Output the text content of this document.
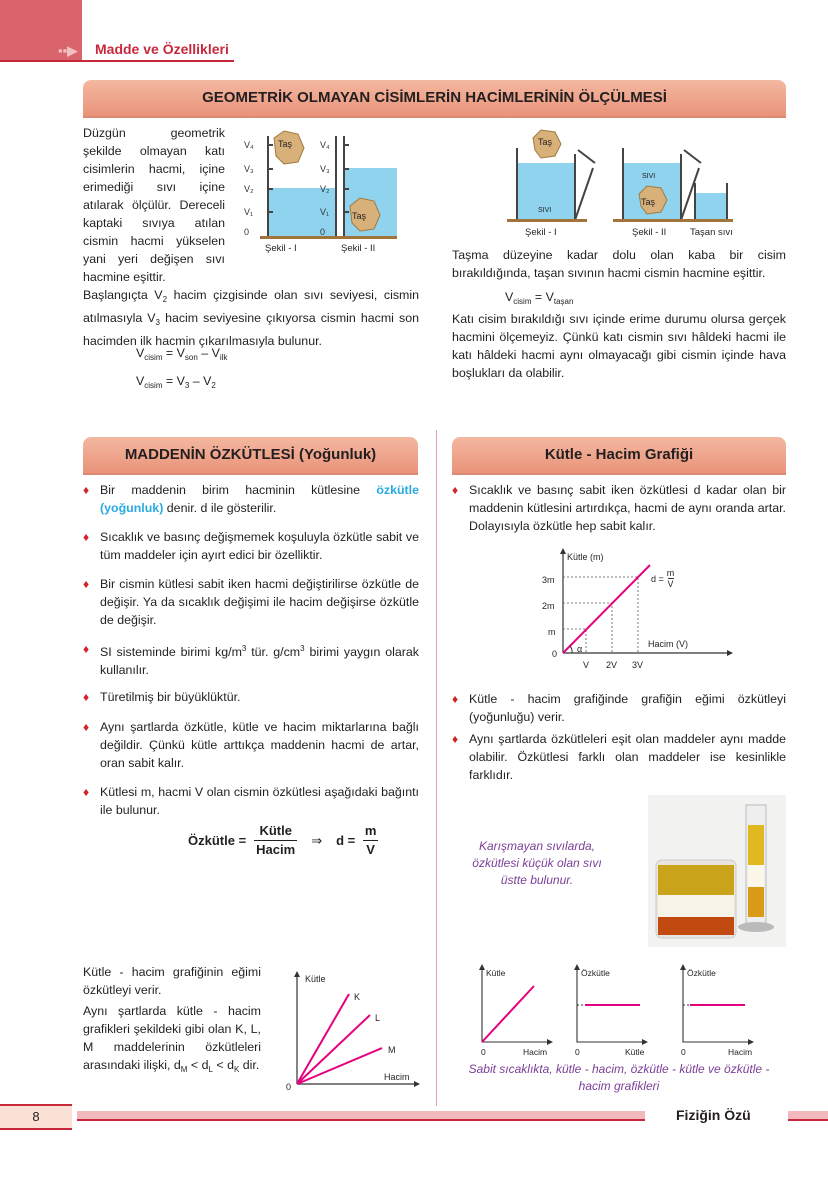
▪▪▶ Madde ve Özellikleri
GEOMETRİK OLMAYAN CİSİMLERİN HACİMLERİNİN ÖLÇÜLMESİ

Düzgün geometrik şekilde olmayan katı cisimlerin hacmi, içine erimediği sıvı içine atılarak ölçülür. Dereceli kaptaki sıvıya atılan cismin hacmi yükselen yani yeri değişen sıvı hacmine eşittir.

V₄
V₃
V₂
V₁
0
V₄
V₃
V₂
V₁
0
Taş
Taş
Şekil - I	Şekil - II

Başlangıçta $V_2$ hacim çizgisinde olan sıvı seviyesi, cismin atılmasıyla $V_3$ hacim seviyesine çıkıyorsa cismin hacmi son hacimden ilk hacmin çıkarılmasıyla bulunur.

$V_{cisim} = V_{son} - V_{ilk}$
$V_{cisim} = V_3 - V_2$
Taş
SIVI
SIVI
Taş
Şekil - I	Şekil - II Taşan sıvı

Taşma düzeyine kadar dolu olan kaba bir cisim bırakıldığında, taşan sıvının hacmi cismin hacmine eşittir.

$V_{cisim} = V_{taşan}$

Katı cisim bırakıldığı sıvı içinde erime durumu olursa gerçek hacmini ölçemeyiz. Çünkü katı cismin sıvı hâldeki hacmi ile katı hâldeki hacmi aynı olmayacağı gibi cismin içinde hava boşlukları da olabilir.

MADDENİN ÖZKÜTLESİ (Yoğunluk)

♦ Bir maddenin birim hacminin kütlesine özkütle (yoğunluk) denir. d ile gösterilir.

♦ Sıcaklık ve basınç değişmemek koşuluyla özkütle sabit ve tüm maddeler için ayırt edici bir özelliktir.

♦ Bir cismin kütlesi sabit iken hacmi değiştirilirse özkütle de değişir. Ya da sıcaklık değişimi ile hacim değişirse özkütle de değişir.

♦ SI sisteminde birimi $kg/m^3$ tür. $g/cm^3$ birimi yaygın olarak kullanılır.

♦ Türetilmiş bir büyüklüktür.

♦ Aynı şartlarda özkütle, kütle ve hacim miktarlarına bağlı değildir. Çünkü kütle arttıkça maddenin hacmi de artar, oran sabit kalır.

♦ Kütlesi m, hacmi V olan cismin özkütlesi aşağıdaki bağıntı ile bulunur.

Özkütle =
Kütle
Hacim
⇒ $d = \frac{m}{V}$

Kütle - hacim grafiğinin eğimi özkütleyi verir.

Aynı şartlarda kütle - hacim grafikleri şekildeki gibi olan K, L, M maddelerinin özkütleleri arasındaki ilişki, $d_M < d_L < d_K$ dir.

Kütle
Hacim
0
K
L
M
Kütle - Hacim Grafiği

♦ Sıcaklık ve basınç sabit iken özkütlesi d kadar olan bir maddenin kütlesini artırdıkça, hacmi de aynı oranda artar. Dolayısıyla özkütle hep sabit kalır.

Kütle (m)
3m
2m
m
0
V 2V 3V
α	Hacim (V)
$d = \frac{m}{V}$

♦ Kütle - hacim grafiğinde grafiğin eğimi özkütleyi (yoğunluğu) verir.

♦ Aynı şartlarda özkütleleri eşit olan maddeler aynı madde olabilir. Özkütlesi farklı olan maddeler ise kesinlikle farklıdır.

Karışmayan sıvılarda, özkütlesi küçük olan sıvı üstte bulunur.

Kütle	Özkütle	Özkütle
0	0	0
Hacim	Kütle	Hacim

Sabit sıcaklıkta, kütle - hacim, özkütle - kütle ve özkütle - hacim grafikleri

8	Fiziğin Özü
